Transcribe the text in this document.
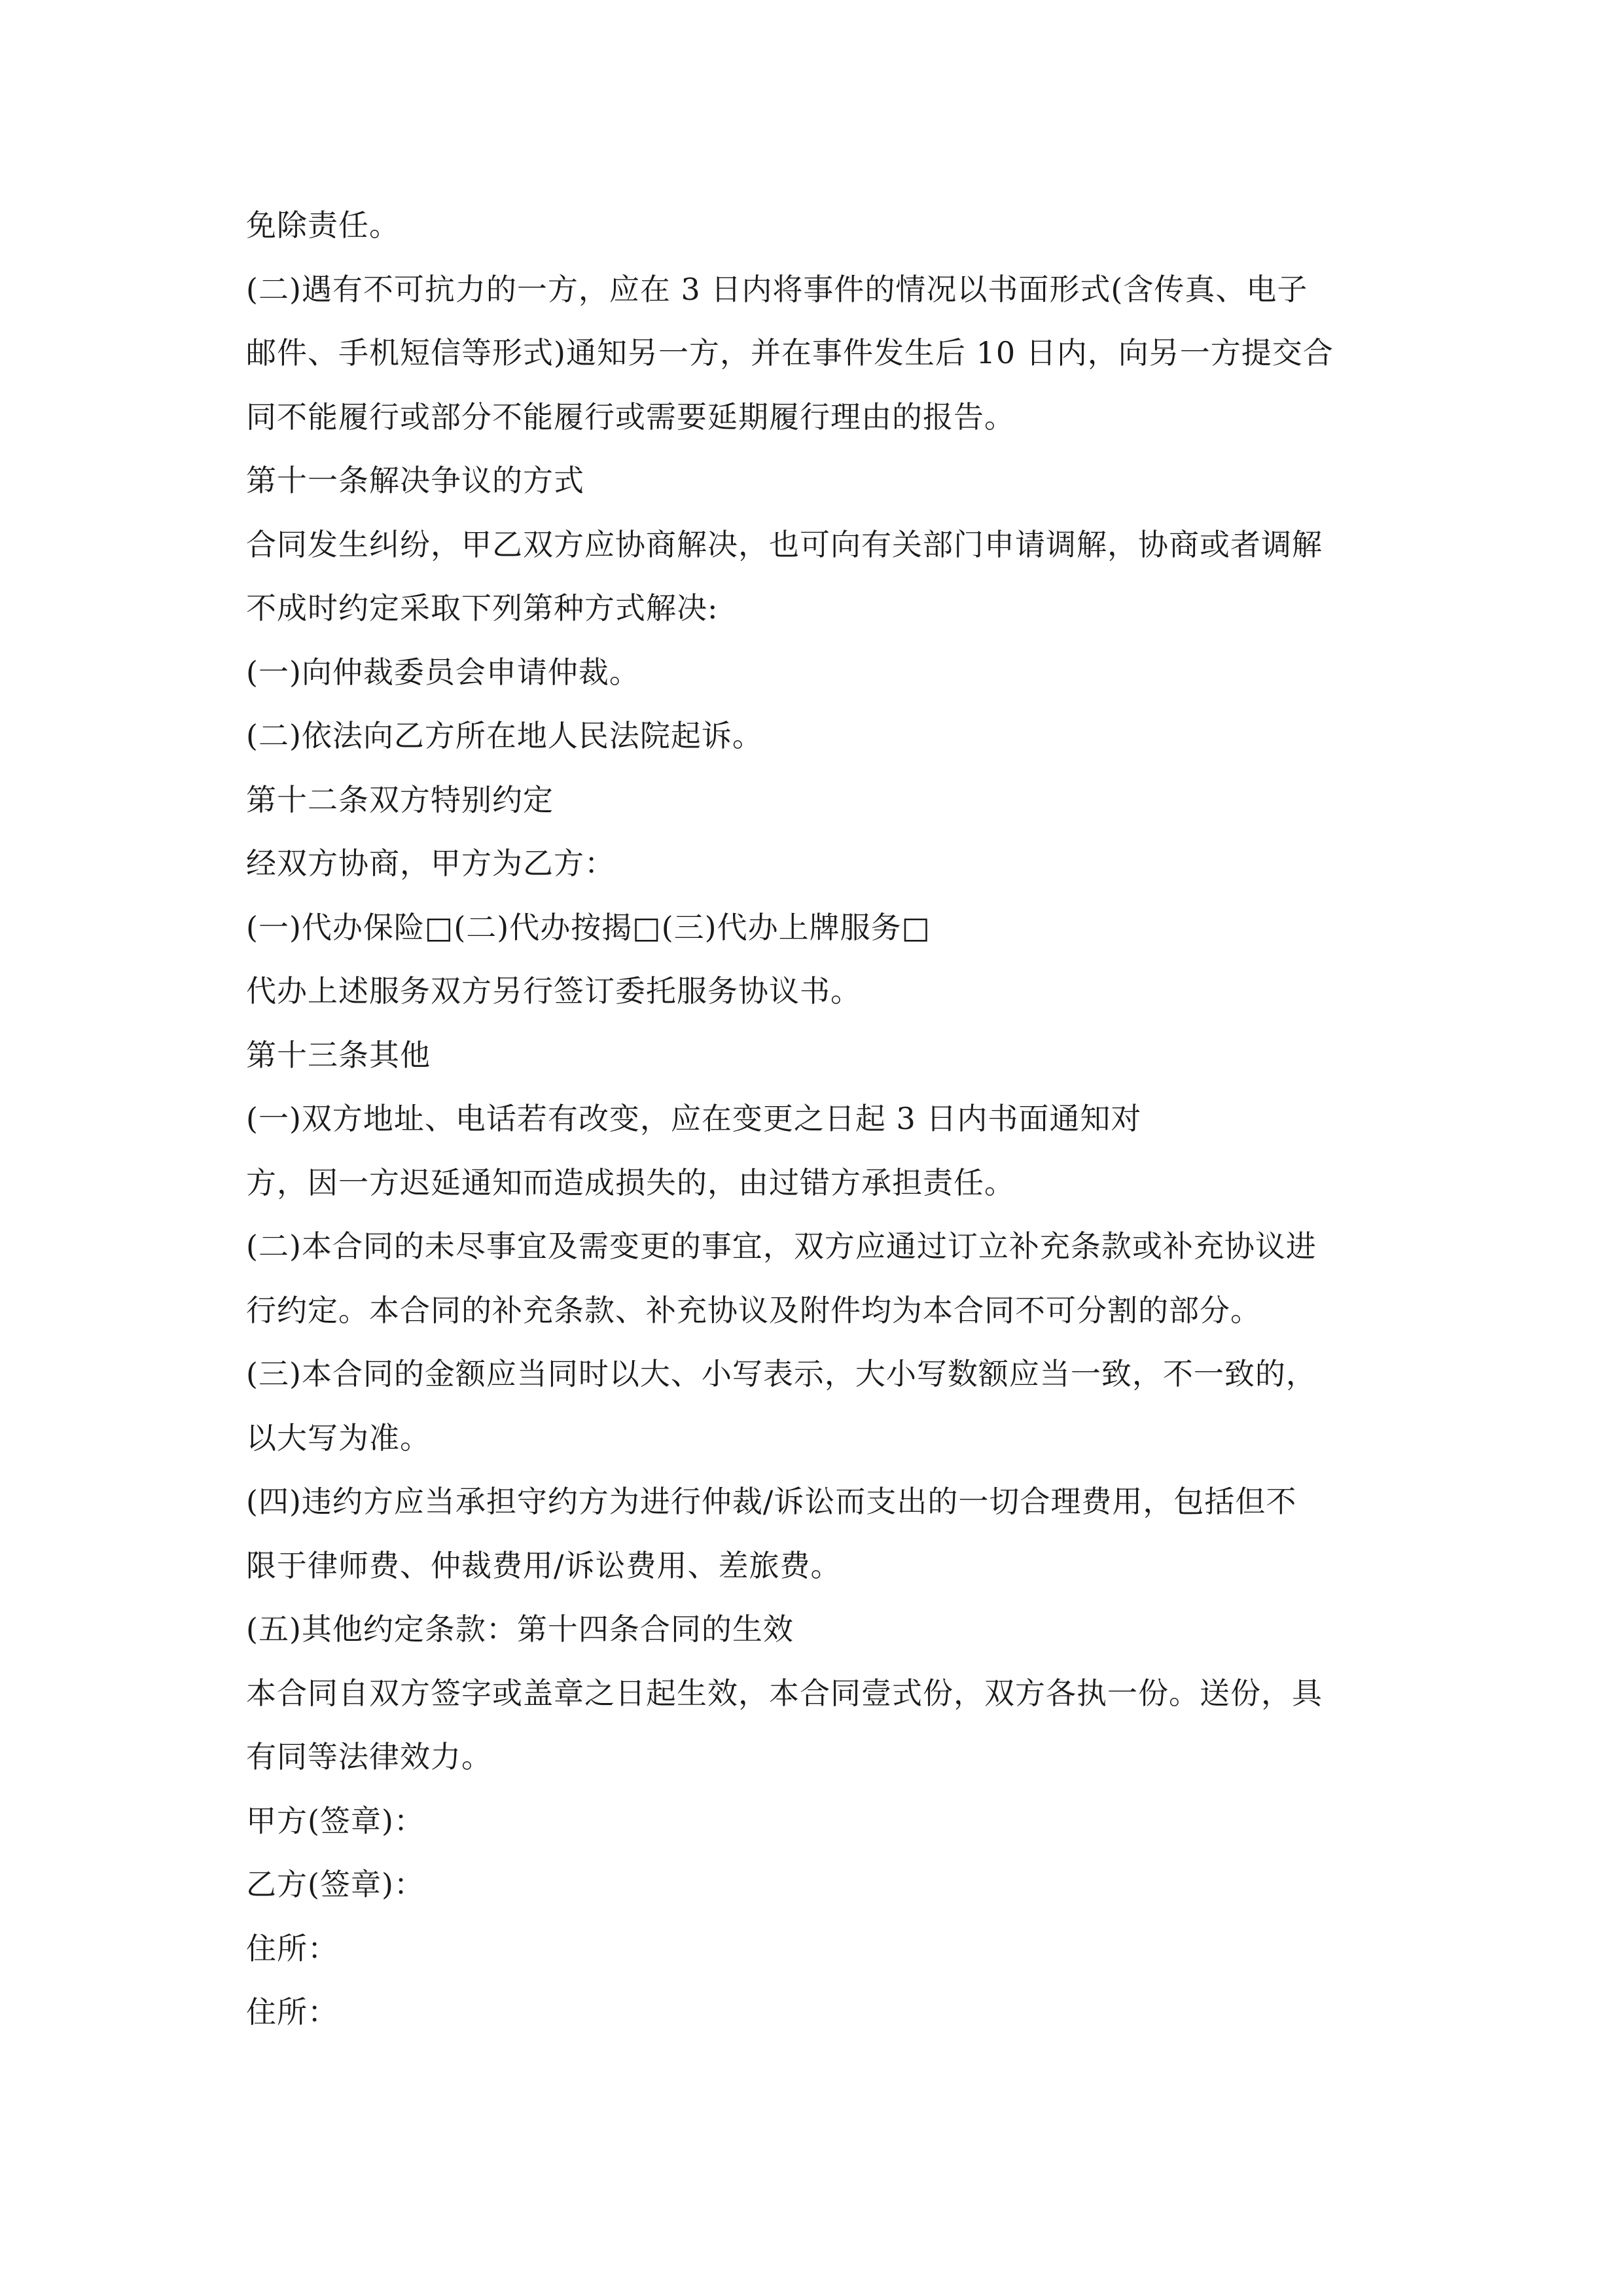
免除责任。
(二)遇有不可抗力的一方，应在 3 日内将事件的情况以书面形式(含传真、电子
邮件、手机短信等形式)通知另一方，并在事件发生后 10 日内，向另一方提交合
同不能履行或部分不能履行或需要延期履行理由的报告。
第十一条解决争议的方式
合同发生纠纷，甲乙双方应协商解决，也可向有关部门申请调解，协商或者调解
不成时约定采取下列第种方式解决:
(一)向仲裁委员会申请仲裁。
(二)依法向乙方所在地人民法院起诉。
第十二条双方特别约定
经双方协商，甲方为乙方：
(一)代办保险□(二)代办按揭□(三)代办上牌服务□
代办上述服务双方另行签订委托服务协议书。
第十三条其他
(一)双方地址、电话若有改变，应在变更之日起 3 日内书面通知对
方，因一方迟延通知而造成损失的，由过错方承担责任。
(二)本合同的未尽事宜及需变更的事宜，双方应通过订立补充条款或补充协议进
行约定。本合同的补充条款、补充协议及附件均为本合同不可分割的部分。
(三)本合同的金额应当同时以大、小写表示，大小写数额应当一致，不一致的，
以大写为准。
(四)违约方应当承担守约方为进行仲裁/诉讼而支出的一切合理费用，包括但不
限于律师费、仲裁费用/诉讼费用、差旅费。
(五)其他约定条款：第十四条合同的生效
本合同自双方签字或盖章之日起生效，本合同壹式份，双方各执一份。送份，具
有同等法律效力。
甲方(签章)：
乙方(签章)：
住所：
住所：
